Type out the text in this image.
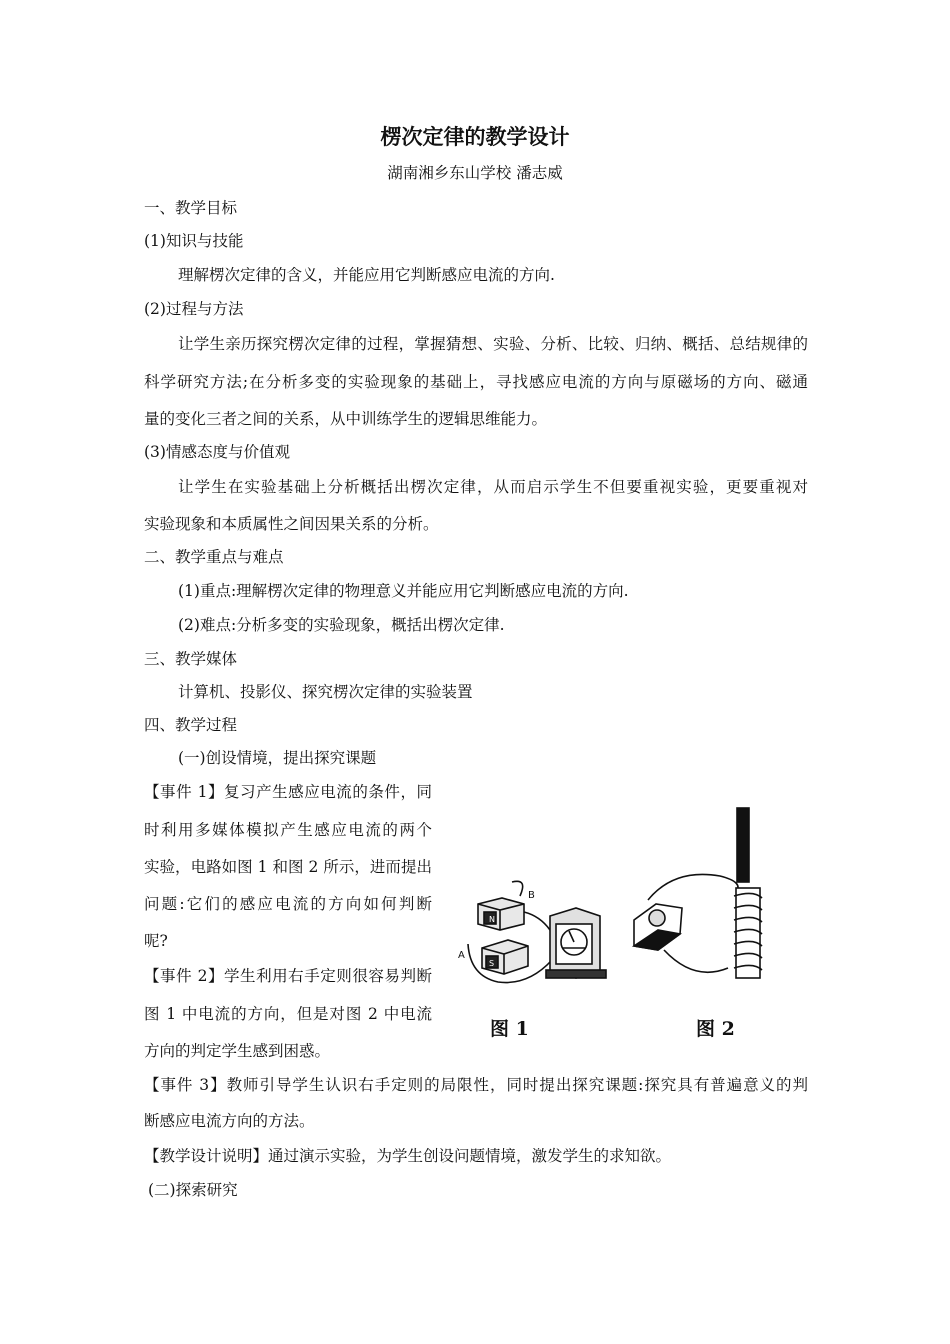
楞次定律的教学设计
湖南湘乡东山学校 潘志威
一、教学目标
(1)知识与技能
理解楞次定律的含义，并能应用它判断感应电流的方向.
(2)过程与方法
让学生亲历探究楞次定律的过程，掌握猜想、实验、分析、比较、归纳、概括、总结规律的
科学研究方法;在分析多变的实验现象的基础上，寻找感应电流的方向与原磁场的方向、磁通
量的变化三者之间的关系，从中训练学生的逻辑思维能力。
(3)情感态度与价值观
让学生在实验基础上分析概括出楞次定律，从而启示学生不但要重视实验，更要重视对
实验现象和本质属性之间因果关系的分析。
二、教学重点与难点
(1)重点:理解楞次定律的物理意义并能应用它判断感应电流的方向.
(2)难点:分析多变的实验现象，概括出楞次定律.
三、教学媒体
计算机、投影仪、探究楞次定律的实验装置
四、教学过程
(一)创设情境，提出探究课题
【事件 1】复习产生感应电流的条件，同
时利用多媒体模拟产生感应电流的两个
实验，电路如图 1 和图 2 所示，进而提出
问题:它们的感应电流的方向如何判断
呢?
【事件 2】学生利用右手定则很容易判断
图 1 中电流的方向，但是对图 2 中电流
方向的判定学生感到困惑。
【事件 3】教师引导学生认识右手定则的局限性，同时提出探究课题:探究具有普遍意义的判
断感应电流方向的方法。
【教学设计说明】通过演示实验，为学生创设问题情境，激发学生的求知欲。
(二)探索研究
A
B
N
S
图 1	图 2
